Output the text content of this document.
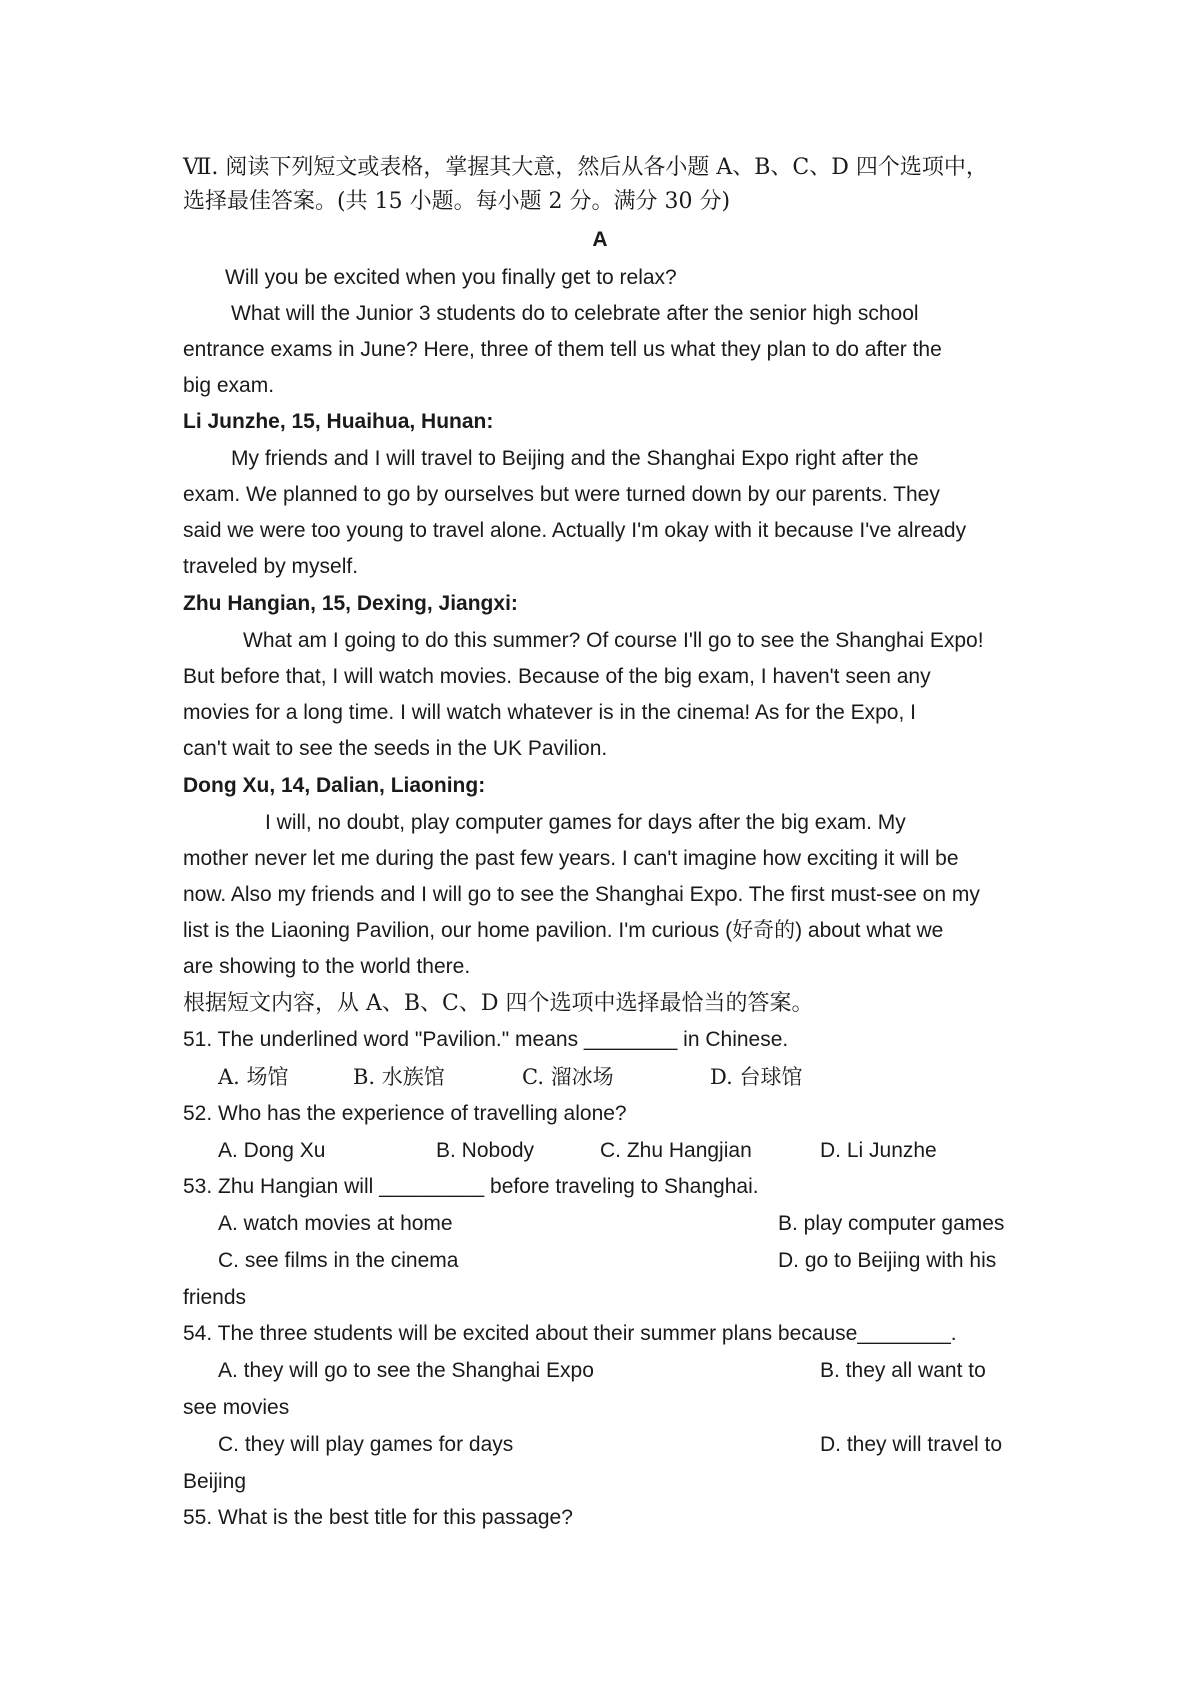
Ⅶ. 阅读下列短文或表格，掌握其大意，然后从各小题 A、B、C、D 四个选项中，
选择最佳答案。(共 15 小题。每小题 2 分。满分 30 分)
A
Will you be excited when you finally get to relax?
What will the Junior 3 students do to celebrate after the senior high school
entrance exams in June? Here, three of them tell us what they plan to do after the
big exam.
Li Junzhe, 15, Huaihua, Hunan:
My friends and I will travel to Beijing and the Shanghai Expo right after the
exam. We planned to go by ourselves but were turned down by our parents. They
said we were too young to travel alone. Actually I'm okay with it because I've already
traveled by myself.
Zhu Hangian, 15, Dexing, Jiangxi:
What am I going to do this summer? Of course I'll go to see the Shanghai Expo!
But before that, I will watch movies. Because of the big exam, I haven't seen any
movies for a long time. I will watch whatever is in the cinema! As for the Expo, I
can't wait to see the seeds in the UK Pavilion.
Dong Xu, 14, Dalian, Liaoning:
I will, no doubt, play computer games for days after the big exam. My
mother never let me during the past few years. I can't imagine how exciting it will be
now. Also my friends and I will go to see the Shanghai Expo. The first must-see on my
list is the Liaoning Pavilion, our home pavilion. I'm curious (好奇的) about what we
are showing to the world there.
根据短文内容，从 A、B、C、D 四个选项中选择最恰当的答案。
51. The underlined word "Pavilion." means ________ in Chinese.
A. 场馆	B. 水族馆	C. 溜冰场	D. 台球馆
52. Who has the experience of travelling alone?
A. Dong Xu	B. Nobody	C. Zhu Hangjian	D. Li Junzhe
53. Zhu Hangian will _________ before traveling to Shanghai.
A. watch movies at home	B. play computer games
C. see films in the cinema	D. go to Beijing with his
friends
54. The three students will be excited about their summer plans because________.
A. they will go to see the Shanghai Expo	B. they all want to
see movies
C. they will play games for days	D. they will travel to
Beijing
55. What is the best title for this passage?
